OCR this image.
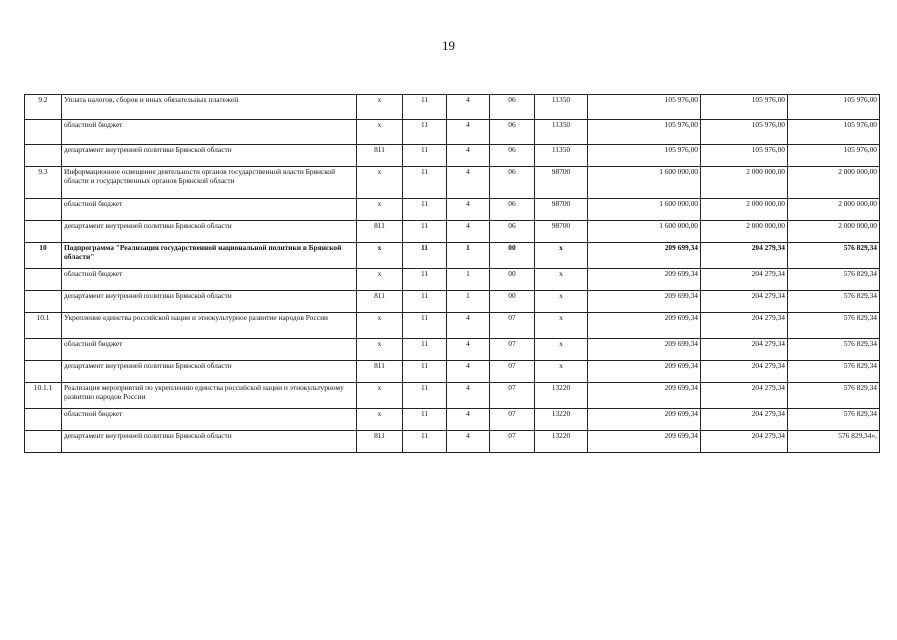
19
9.2	Уплата налогов, сборов и иных обязательных платежей	х	11	4	06	11350	105 976,00	105 976,00	105 976,00
	областной бюджет	х	11	4	06	11350	105 976,00	105 976,00	105 976,00
	департамент внутренней политики Брянской области	811	11	4	06	11350	105 976,00	105 976,00	105 976,00
9.3	Информационное освещение деятельности органов государственной власти Брянской области и государственных органов Брянской области	х	11	4	06	98700	1 600 000,00	2 000 000,00	2 000 000,00
	областной бюджет	х	11	4	06	98700	1 600 000,00	2 000 000,00	2 000 000,00
	департамент внутренней политики Брянской области	811	11	4	06	98700	1 600 000,00	2 000 000,00	2 000 000,00
10	Подпрограмма "Реализация государственной национальной политики в Брянской области"	х	11	1	00	х	209 699,34	204 279,34	576 829,34
	областной бюджет	х	11	1	00	х	209 699,34	204 279,34	576 829,34
	департамент внутренней политики Брянской области	811	11	1	00	х	209 699,34	204 279,34	576 829,34
10.1	Укрепление единства российской нации и этнокультурное развитие народов России	х	11	4	07	х	209 699,34	204 279,34	576 829,34
	областной бюджет	х	11	4	07	х	209 699,34	204 279,34	576 829,34
	департамент внутренней политики Брянской области	811	11	4	07	х	209 699,34	204 279,34	576 829,34
10.1.1	Реализация мероприятий по укреплению единства российской нации и этнокультурному развитию народов России	х	11	4	07	13220	209 699,34	204 279,34	576 829,34
	областной бюджет	х	11	4	07	13220	209 699,34	204 279,34	576 829,34
	департамент внутренней политики Брянской области	811	11	4	07	13220	209 699,34	204 279,34	576 829,34»,
